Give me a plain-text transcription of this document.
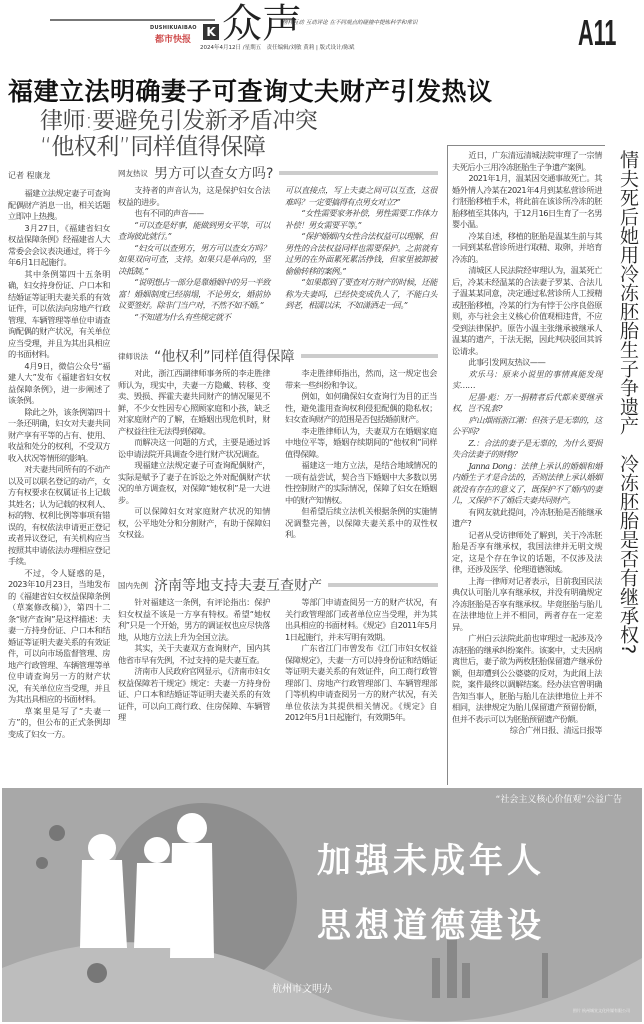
DUSHIKUAIBAO
都市快报
K 众声
榜样互动 互动评论 在不同观点的碰撞中提炼科学和常识
2024年4月12日 /星期五　责任编辑/刘敏 黄莉 | 版式设计/陈斌	A11
福建立法明确妻子可查询丈夫财产引发热议
律师:要避免引发新矛盾冲突
“他权利”同样值得保障
记者 程康龙

福建立法规定妻子可查询配偶财产消息一出，相关话题立即冲上热搜。

3月27日，《福建省妇女权益保障条例》经福建省人大常委会会议表决通过，将于今年6月1日起施行。

其中条例第四十五条明确，妇女持身份证、户口本和结婚证等证明夫妻关系的有效证件，可以依法向房地产行政管理、车辆管理等单位申请查询配偶的财产状况，有关单位应当受理，并且为其出具相应的书面材料。

4月9日，微信公众号“福建人大”发布《福建省妇女权益保障条例》，进一步阐述了该条例。

除此之外，该条例第四十一条还明确，妇女对夫妻共同财产享有平等的占有、使用、收益和处分的权利，不受双方收入状况等情形的影响。

对夫妻共同所有的不动产以及可以联名登记的动产，女方有权要求在权属证书上记载其姓名；认为记载的权利人、标的物、权利比例等事项有错误的，有权依法申请更正登记或者异议登记，有关机构应当按照其申请依法办理相应登记手续。

不过，令人疑惑的是，2023年10月23日，当地发布的《福建省妇女权益保障条例（草案修改稿）》，第四十二条“财产查询”是这样描述：夫妻一方持身份证、户口本和结婚证等证明夫妻关系的有效证件，可以向市场监督管理、房地产行政管理、车辆管理等单位申请查询另一方的财产状况，有关单位应当受理，并且为其出具相应的书面材料。

草案里是写了“夫妻一方”的，但公布的正式条例却变成了妇女一方。

网友热议 男方可以查女方吗?

支持者的声音认为，这是保护妇女合法权益的进步。

也有不同的声音——

“可以查是好事，能做到男女平等，可以查询彼此就行。”

“妇女可以查男方，男方可以查女方吗？如果双向可查，支持。如果只是单向的，坚决抵制。”

“说明想占一部分是靠婚姻中的另一半致富！婚姻制度已经崩塌，不论男女，婚前协议要签好。除非门当户对，不然不如不婚。”

“不知道为什么有些规定就不

可以直接点，写上夫妻之间可以互查，这很难吗？一定要搞得有点男女对立?”

“女性需要家务补偿，男性需要工作体力补偿！男女需要平等。”

“保护婚姻内女性合法权益可以理解，但男性的合法权益同样也需要保护。之前就有过男的在外面累死累活挣钱，但家里被卸被偷偷转移的案例。”

“如果都到了要查对方财产的时候，还能称为夫妻吗，已经快变成仇人了，不能白头到老，相濡以沫，不如潇洒走一回。”

律师说法 “他权利”同样值得保障

对此，浙江西湖律师事务所的李走胜律师认为，现实中，夫妻一方隐藏、转移、变卖、毁损、挥霍夫妻共同财产的情况屡见不鲜，不少女性因专心照顾家庭和小孩，缺乏对家庭财产的了解，在婚姻出现危机时，财产权益往往无法得到保障。

而解决这一问题的方式，主要是通过诉讼申请法院开具调查令进行财产状况调查。

现福建立法规定妻子可查询配偶财产，实际是赋予了妻子在诉讼之外对配偶财产状况的单方调查权，对保障“她权利”是一大进步。

可以保障妇女对家庭财产状况的知情权，公平地处分和分割财产，有助于保障妇女权益。

李走胜律师指出，然而，这一规定也会带来一些纠纷和争议。

例如，如何确保妇女查询行为目的正当性，避免滥用查询权利侵犯配偶的隐私权；妇女查询财产的范围是否包括婚前财产。

李走胜律师认为，夫妻双方在婚姻家庭中地位平等，婚姻存续期间的“他权利”同样值得保障。

福建这一地方立法，是结合地域情况的一项有益尝试，契合当下婚姻中大多数以男性控制财产的实际情况，保障了妇女在婚姻中的财产知情权。

但希望后续立法机关根据条例的实施情况调整完善，以保障夫妻关系中的双性权利。

国内先例 济南等地支持夫妻互查财产

针对福建这一条例，有评论指出：保护妇女权益不该是一方享有特权。希望“她权利”只是一个开始，男方的调证权也应尽快落地，从地方立法上升为全国立法。

其实，关于夫妻双方查询财产，国内其他省市早有先例，不过支持的是夫妻互查。

济南市人民政府官网显示，《济南市妇女权益保障若干规定》规定：夫妻一方持身份证、户口本和结婚证等证明夫妻关系的有效证件，可以向工商行政、住房保障、车辆管理

等部门申请查阅另一方的财产状况，有关行政管理部门或者单位应当受理，并为其出具相应的书面材料。《规定》自2011年5月1日起施行，并未写明有效期。

广东省江门市曾发布《江门市妇女权益保障规定》，夫妻一方可以持身份证和结婚证等证明夫妻关系的有效证件，向工商行政管理部门、房地产行政管理部门、车辆管理部门等机构申请查阅另一方的财产状况，有关单位依法为其提供相关情况。《规定》自2012年5月1日起施行，有效期5年。

近日，广东清远清城法院审理了一宗情夫死后小三用冷冻胚胎生子争遗产案例。

2021年1月，温某因交通事故死亡。其婚外情人冷某在2021年4月到某私营诊所进行胚胎移植手术，将此前在该诊所冷冻的胚胎移植至其体内，于12月16日生育了一名男婴小温。

冷某自述，移植的胚胎是温某生前与其一同到某私营诊所进行取精、取卵，并培育冷冻的。

清城区人民法院经审理认为，温某死亡后，冷某未经温某的合法妻子罗某、合法儿子温某某同意，决定通过私营诊所人工授精或胚胎移植，冷某的行为有悖于公序良俗原则，亦与社会主义核心价值观相违背，不应受到法律保护。原告小温主张继承被继承人温某的遗产，于法无据，因此判决驳回其诉讼请求。

此事引发网友热议——

欢乐马：原来小说里的事情真能发现实……

尼墨·彪：万一捐精者后代都来要继承权，岂不乱套?

庐山烟雨浙江潮：但孩子是无辜的，这公平吗?

Z.：合法的妻子是无辜的，为什么要损失合法妻子的财物?

Janna Dong：法律上承认的婚姻和婚内婚生子才是合法的，否则法律上承认婚姻就没有存在的意义了，既保护不了婚内的妻儿，又保护不了婚后夫妻共同财产。

有网友就此提问，冷冻胚胎是否能继承遗产?

记者从受访律师处了解到，关于冷冻胚胎是否享有继承权，我国法律并无明文规定，这是个存在争议的话题，不仅涉及法律，还涉及医学、伦理道德领域。

上海一律师对记者表示，目前我国民法典仅认可胎儿享有继承权，并没有明确规定冷冻胚胎是否享有继承权。毕竟胚胎与胎儿在法律地位上并不相同，两者存在一定差异。

广州白云法院此前也审理过一起涉及冷冻胚胎的继承纠纷案件。该案中，丈夫因病离世后，妻子欲为两枚胚胎保留遗产继承份额，但却遭到公公婆婆的反对，为此闹上法院，案件最终以调解结案。经办法官曾明确告知当事人，胚胎与胎儿在法律地位上并不相同，法律规定为胎儿保留遗产预留份额，但并不表示可以为胚胎预留遗产份额。

综合广州日报、清远日报等

情夫死后她用冷冻胚胎生子争遗产　冷冻胚胎是否有继承权?
“社会主义核心价值观”公益广告
加强未成年人
思想道德建设
杭州市文明办
图片 杭州城宣文化传媒有限公司
